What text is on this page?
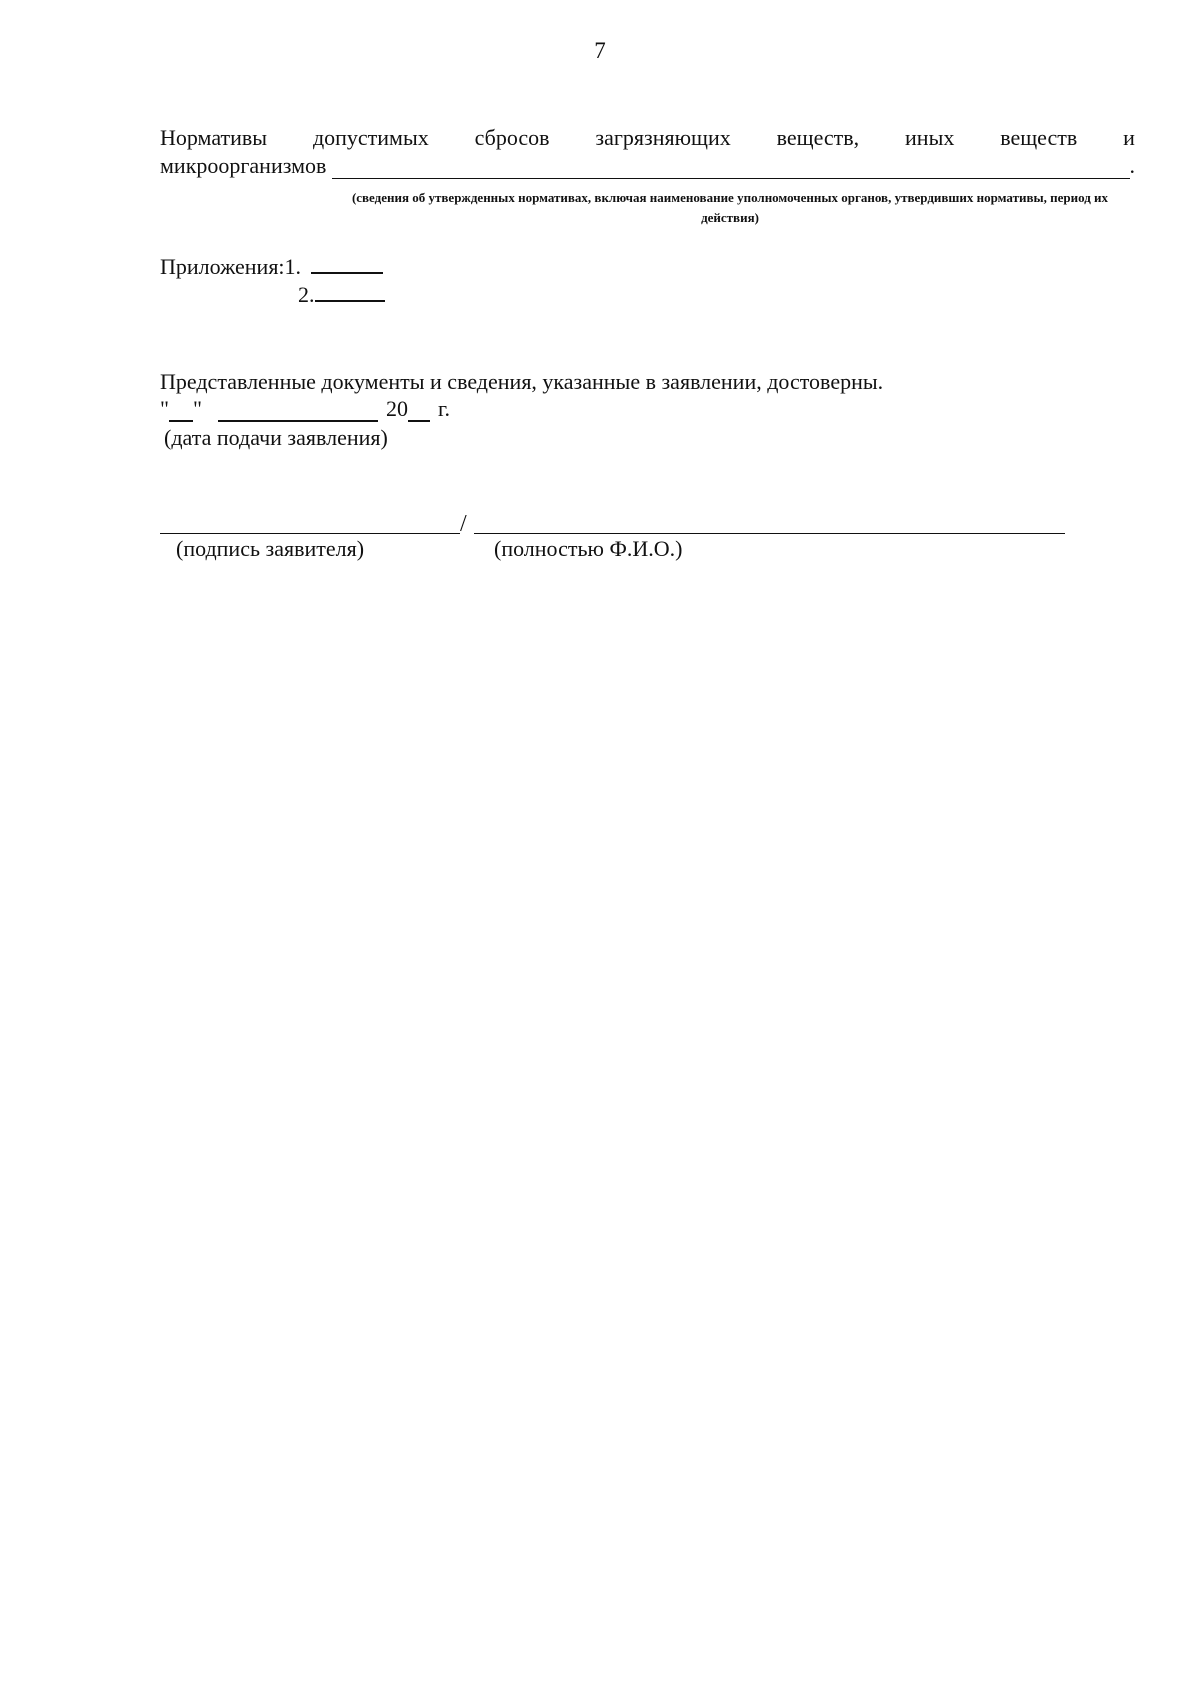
7
Нормативы допустимых сбросов загрязняющих веществ, иных веществ и
микроорганизмов	.
(сведения об утвержденных нормативах, включая наименование уполномоченных органов, утвердивших нормативы, период их действия)
Приложения:1.
2.
Представленные документы и сведения, указанные в заявлении, достоверны.
" "	20 г.
(дата подачи заявления)
/
(подпись заявителя)	(полностью Ф.И.О.)
